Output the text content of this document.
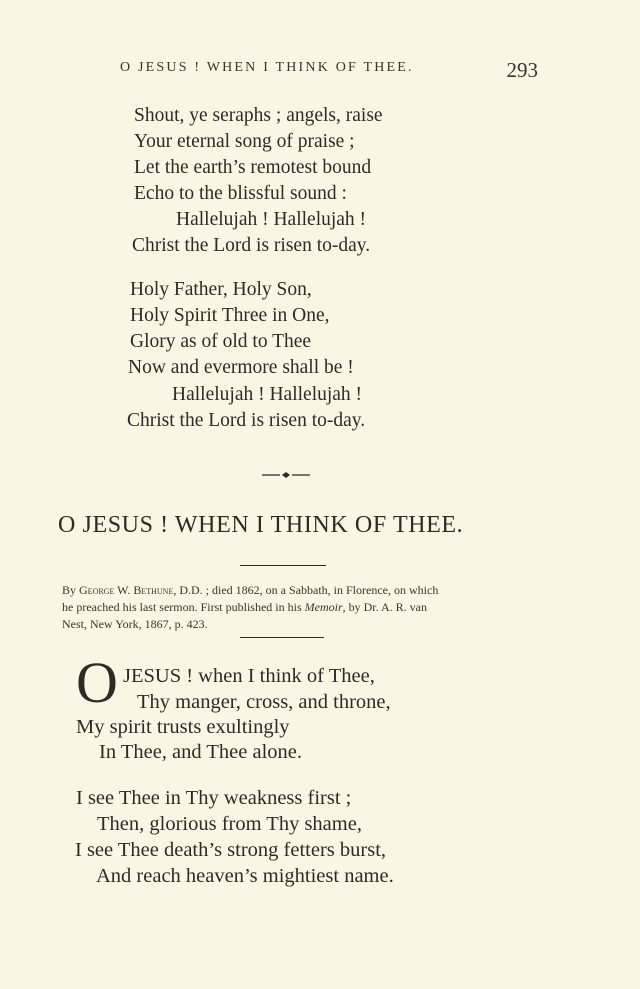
O JESUS ! WHEN I THINK OF THEE.	293
Shout, ye seraphs ; angels, raise
Your eternal song of praise ;
Let the earth’s remotest bound
Echo to the blissful sound :
Hallelujah ! Hallelujah !
Christ the Lord is risen to-day.
Holy Father, Holy Son,
Holy Spirit Three in One,
Glory as of old to Thee
Now and evermore shall be !
Hallelujah ! Hallelujah !
Christ the Lord is risen to-day.
O JESUS ! WHEN I THINK OF THEE.
By George W. Bethune, D.D. ; died 1862, on a Sabbath, in Florence, on which
he preached his last sermon. First published in his Memoir, by Dr. A. R. van
Nest, New York, 1867, p. 423.
O JESUS ! when I think of Thee,
Thy manger, cross, and throne,
My spirit trusts exultingly
In Thee, and Thee alone.
I see Thee in Thy weakness first ;
Then, glorious from Thy shame,
I see Thee death’s strong fetters burst,
And reach heaven’s mightiest name.
